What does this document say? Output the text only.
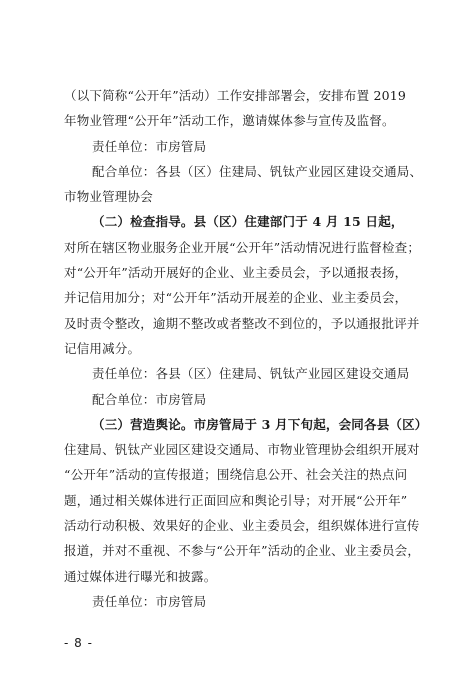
（以下简称“公开年”活动）工作安排部署会，安排布置 2019
年物业管理“公开年”活动工作，邀请媒体参与宣传及监督。
责任单位：市房管局
配合单位：各县（区）住建局、钒钛产业园区建设交通局、
市物业管理协会
（二）检查指导。县（区）住建部门于 4 月 15 日起，
对所在辖区物业服务企业开展“公开年”活动情况进行监督检查；
对“公开年”活动开展好的企业、业主委员会，予以通报表扬，
并记信用加分；对“公开年”活动开展差的企业、业主委员会，
及时责令整改，逾期不整改或者整改不到位的，予以通报批评并
记信用减分。
责任单位：各县（区）住建局、钒钛产业园区建设交通局
配合单位：市房管局
（三）营造舆论。市房管局于 3 月下旬起，会同各县（区）
住建局、钒钛产业园区建设交通局、市物业管理协会组织开展对
“公开年”活动的宣传报道；围绕信息公开、社会关注的热点问
题，通过相关媒体进行正面回应和舆论引导；对开展“公开年”
活动行动积极、效果好的企业、业主委员会，组织媒体进行宣传
报道，并对不重视、不参与“公开年”活动的企业、业主委员会，
通过媒体进行曝光和披露。
责任单位：市房管局
- 8 -
